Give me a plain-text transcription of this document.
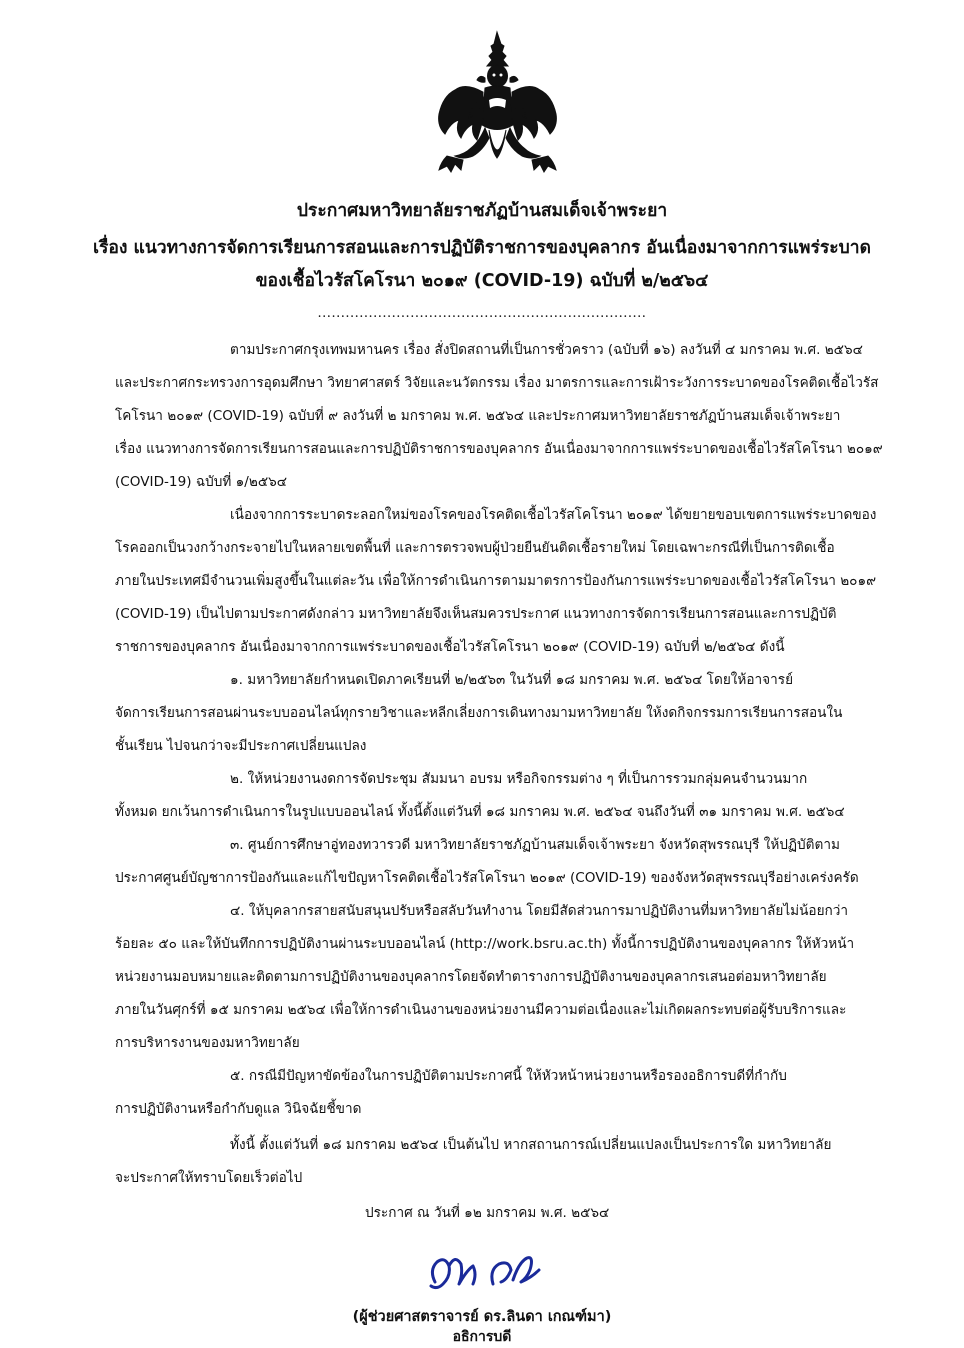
ประกาศมหาวิทยาลัยราชภัฏบ้านสมเด็จเจ้าพระยา
เรื่อง แนวทางการจัดการเรียนการสอนและการปฏิบัติราชการของบุคลากร อันเนื่องมาจากการแพร่ระบาด
ของเชื้อไวรัสโคโรนา ๒๐๑๙ (COVID-19) ฉบับที่ ๒/๒๕๖๔
.......................................................................
ตามประกาศกรุงเทพมหานคร เรื่อง สั่งปิดสถานที่เป็นการชั่วคราว (ฉบับที่ ๑๖) ลงวันที่ ๔ มกราคม พ.ศ. ๒๕๖๔
และประกาศกระทรวงการอุดมศึกษา วิทยาศาสตร์ วิจัยและนวัตกรรม เรื่อง มาตรการและการเฝ้าระวังการระบาดของโรคติดเชื้อไวรัส
โคโรนา ๒๐๑๙ (COVID-19) ฉบับที่ ๙ ลงวันที่ ๒ มกราคม พ.ศ. ๒๕๖๔ และประกาศมหาวิทยาลัยราชภัฏบ้านสมเด็จเจ้าพระยา
เรื่อง แนวทางการจัดการเรียนการสอนและการปฏิบัติราชการของบุคลากร อันเนื่องมาจากการแพร่ระบาดของเชื้อไวรัสโคโรนา ๒๐๑๙
(COVID-19) ฉบับที่ ๑/๒๕๖๔
เนื่องจากการระบาดระลอกใหม่ของโรคของโรคติดเชื้อไวรัสโคโรนา ๒๐๑๙ ได้ขยายขอบเขตการแพร่ระบาดของ
โรคออกเป็นวงกว้างกระจายไปในหลายเขตพื้นที่ และการตรวจพบผู้ป่วยยืนยันติดเชื้อรายใหม่ โดยเฉพาะกรณีที่เป็นการติดเชื้อ
ภายในประเทศมีจำนวนเพิ่มสูงขึ้นในแต่ละวัน เพื่อให้การดำเนินการตามมาตรการป้องกันการแพร่ระบาดของเชื้อไวรัสโคโรนา ๒๐๑๙
(COVID-19) เป็นไปตามประกาศดังกล่าว มหาวิทยาลัยจึงเห็นสมควรประกาศ แนวทางการจัดการเรียนการสอนและการปฏิบัติ
ราชการของบุคลากร อันเนื่องมาจากการแพร่ระบาดของเชื้อไวรัสโคโรนา ๒๐๑๙ (COVID-19) ฉบับที่ ๒/๒๕๖๔ ดังนี้
๑. มหาวิทยาลัยกำหนดเปิดภาคเรียนที่ ๒/๒๕๖๓ ในวันที่ ๑๘ มกราคม พ.ศ. ๒๕๖๔ โดยให้อาจารย์
จัดการเรียนการสอนผ่านระบบออนไลน์ทุกรายวิชาและหลีกเลี่ยงการเดินทางมามหาวิทยาลัย ให้งดกิจกรรมการเรียนการสอนใน
ชั้นเรียน ไปจนกว่าจะมีประกาศเปลี่ยนแปลง
๒. ให้หน่วยงานงดการจัดประชุม สัมมนา อบรม หรือกิจกรรมต่าง ๆ ที่เป็นการรวมกลุ่มคนจำนวนมาก
ทั้งหมด ยกเว้นการดำเนินการในรูปแบบออนไลน์ ทั้งนี้ตั้งแต่วันที่ ๑๘ มกราคม พ.ศ. ๒๕๖๔ จนถึงวันที่ ๓๑ มกราคม พ.ศ. ๒๕๖๔
๓. ศูนย์การศึกษาอู่ทองทวารวดี มหาวิทยาลัยราชภัฏบ้านสมเด็จเจ้าพระยา จังหวัดสุพรรณบุรี ให้ปฏิบัติตาม
ประกาศศูนย์บัญชาการป้องกันและแก้ไขปัญหาโรคติดเชื้อไวรัสโคโรนา ๒๐๑๙ (COVID-19) ของจังหวัดสุพรรณบุรีอย่างเคร่งครัด
๔. ให้บุคลากรสายสนับสนุนปรับหรือสลับวันทำงาน โดยมีสัดส่วนการมาปฏิบัติงานที่มหาวิทยาลัยไม่น้อยกว่า
ร้อยละ ๕๐ และให้บันทึกการปฏิบัติงานผ่านระบบออนไลน์ (http://work.bsru.ac.th) ทั้งนี้การปฏิบัติงานของบุคลากร ให้หัวหน้า
หน่วยงานมอบหมายและติดตามการปฏิบัติงานของบุคลากรโดยจัดทำตารางการปฏิบัติงานของบุคลากรเสนอต่อมหาวิทยาลัย
ภายในวันศุกร์ที่ ๑๕ มกราคม ๒๕๖๔ เพื่อให้การดำเนินงานของหน่วยงานมีความต่อเนื่องและไม่เกิดผลกระทบต่อผู้รับบริการและ
การบริหารงานของมหาวิทยาลัย
๕. กรณีมีปัญหาขัดข้องในการปฏิบัติตามประกาศนี้ ให้หัวหน้าหน่วยงานหรือรองอธิการบดีที่กำกับ
การปฏิบัติงานหรือกำกับดูแล วินิจฉัยชี้ขาด
ทั้งนี้ ตั้งแต่วันที่ ๑๘ มกราคม ๒๕๖๔ เป็นต้นไป หากสถานการณ์เปลี่ยนแปลงเป็นประการใด มหาวิทยาลัย
จะประกาศให้ทราบโดยเร็วต่อไป
ประกาศ ณ วันที่ ๑๒ มกราคม พ.ศ. ๒๕๖๔
(ผู้ช่วยศาสตราจารย์ ดร.ลินดา เกณฑ์มา)
อธิการบดี
